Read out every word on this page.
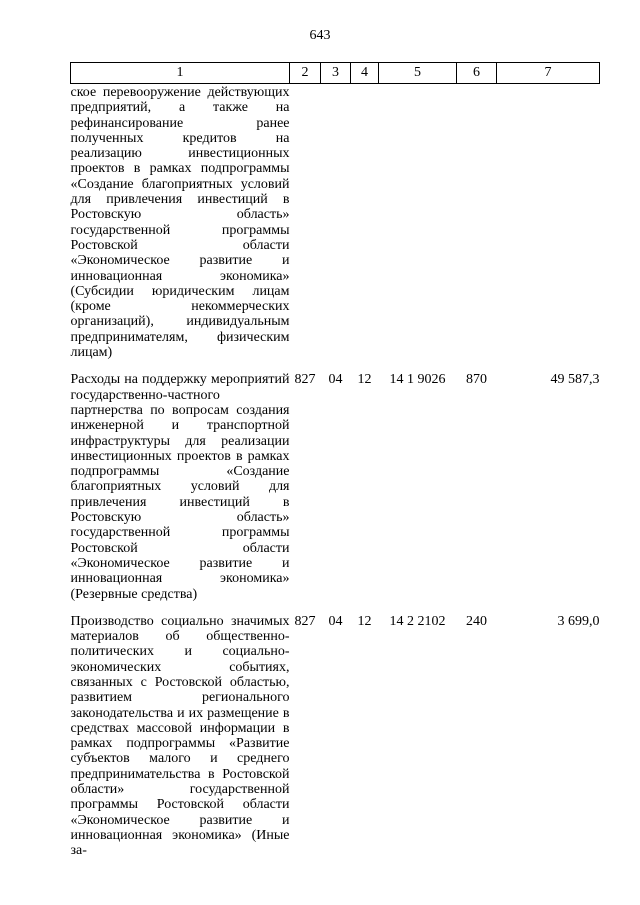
643
1	2	3	4	5	6	7
ское перевооружение действующих предприятий, а также на рефинансирование ранее полученных кредитов на реализацию инвестиционных проектов в рамках подпрограммы «Создание благоприятных условий для привлечения инвестиций в Ростовскую область» государственной программы Ростовской области «Экономическое развитие и инновационная экономика» (Субсидии юридическим лицам (кроме некоммерческих организаций), индивидуальным предпринимателям, физическим лицам)						
Расходы на поддержку мероприятий государственно-частного партнерства по вопросам создания инженерной и транспортной инфраструктуры для реализации инвестиционных проектов в рамках подпрограммы «Создание благоприятных условий для привлечения инвестиций в Ростовскую область» государственной программы Ростовской области «Экономическое развитие и инновационная экономика» (Резервные средства)	827	04	12	14 1 9026	870	49 587,3
Производство социально значимых материалов об общественно-политических и социально-экономических событиях, связанных с Ростовской областью, развитием регионального законодательства и их размещение в средствах массовой информации в рамках подпрограммы «Развитие субъектов малого и среднего предпринимательства в Ростовской области» государственной программы Ростовской области «Экономическое развитие и инновационная экономика» (Иные за-	827	04	12	14 2 2102	240	3 699,0
